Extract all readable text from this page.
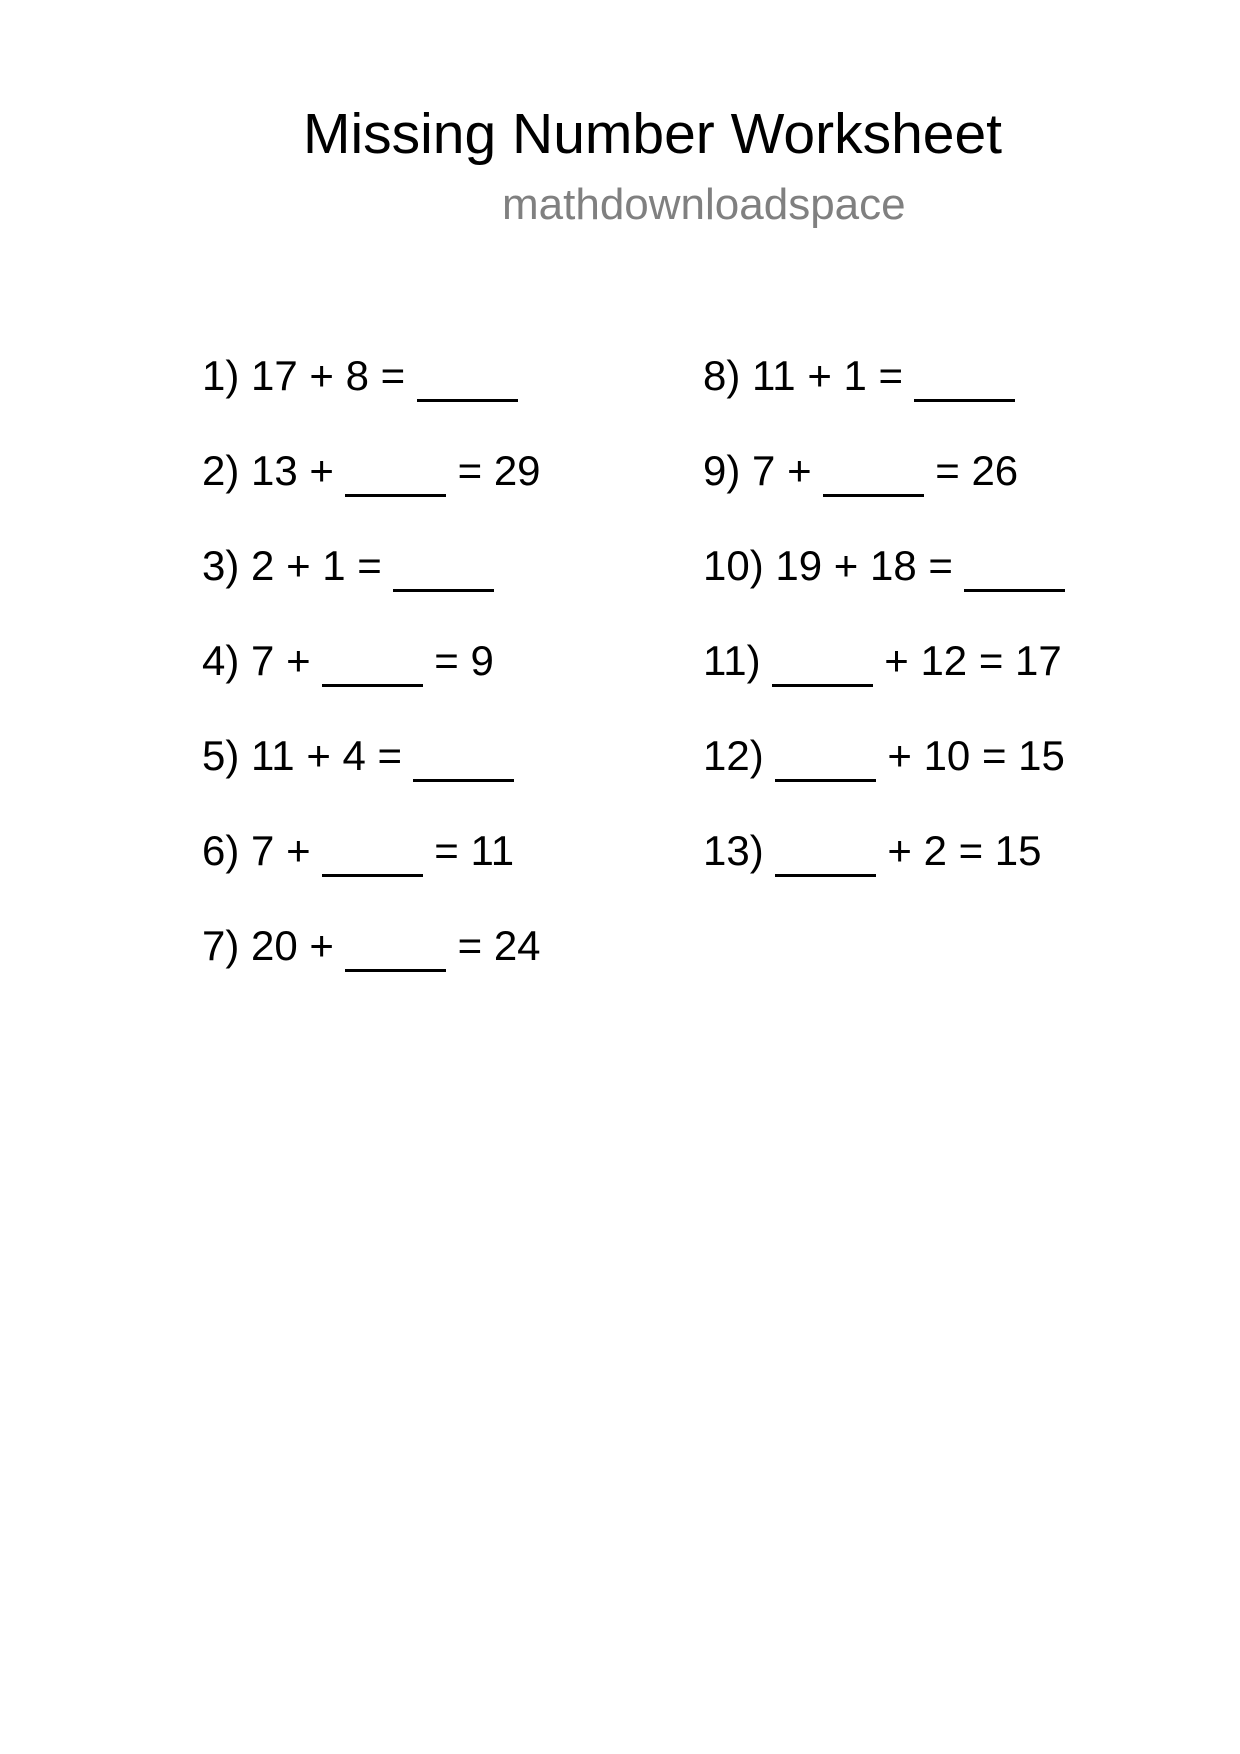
Missing Number Worksheet
mathdownloadspace
1)
17
+
8
=
2)
13
+	=
29
3)
2
+
1
=
4)
7
+	=
9
5)
11
+
4
=
6)
7
+	=
11
7)
20
+	=
24
8)
11
+
1
=
9)
7
+	=
26
10)
19
+
18
=
11)	+
12
=
17
12)	+
10
=
15
13)	+
2
=
15
